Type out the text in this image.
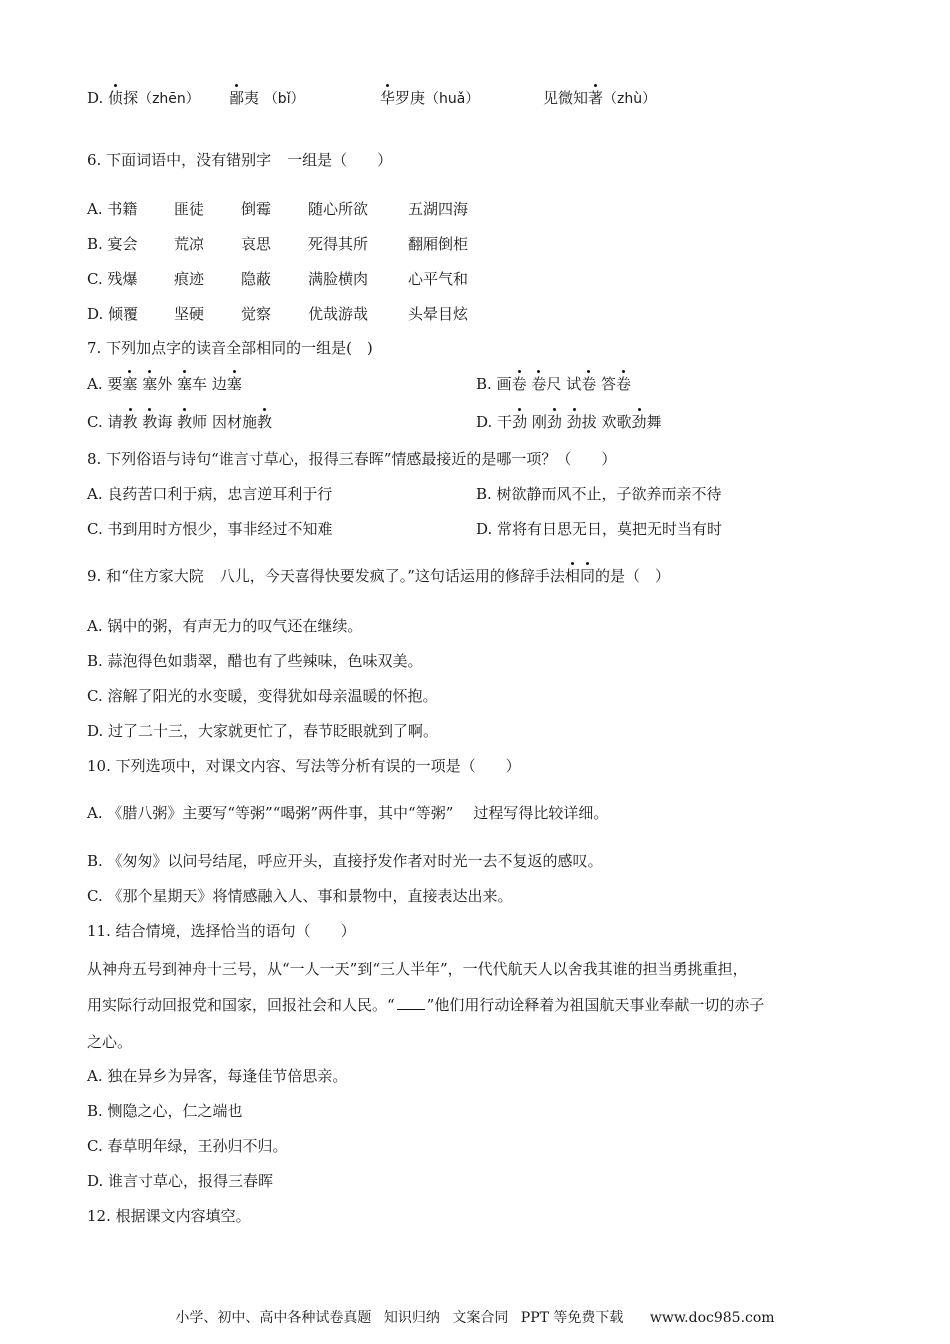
D. 侦探（zhēn） 鄙夷 （bǐ）	华罗庚（huǎ）	见微知著（zhù）
6. 下面词语中，没有错别字 一组是（　　）
A. 书籍 匪徒 倒霉 随心所欲	五湖四海
B. 宴会 荒凉 哀思 死得其所	翻厢倒柜
C. 残爆 痕迹 隐蔽 满脸横肉	心平气和
D. 倾覆 坚硬 觉察 优哉游哉	头晕目炫
7. 下列加点字的读音全部相同的一组是(　)
A. 要塞 塞外 塞车 边塞	B. 画卷 卷尺 试卷 答卷
C. 请教 教诲 教师 因材施教	D. 干劲 刚劲 劲拔 欢歌劲舞
8. 下列俗语与诗句“谁言寸草心，报得三春晖”情感最接近的是哪一项？（　　）
A. 良药苦口利于病，忠言逆耳利于行	B. 树欲静而风不止，子欲养而亲不待
C. 书到用时方恨少，事非经过不知难	D. 常将有日思无日，莫把无时当有时
9. 和“住方家大院 八儿，今天喜得快要发疯了。”这句话运用的修辞手法相同的是（　）
A. 锅中的粥，有声无力的叹气还在继续。
B. 蒜泡得色如翡翠，醋也有了些辣味，色味双美。
C. 溶解了阳光的水变暖，变得犹如母亲温暖的怀抱。
D. 过了二十三，大家就更忙了，春节眨眼就到了啊。
10. 下列选项中，对课文内容、写法等分析有误的一项是（　　）
A. 《腊八粥》主要写“等粥”“喝粥”两件事，其中“等粥” 过程写得比较详细。
B. 《匆匆》以问号结尾，呼应开头，直接抒发作者对时光一去不复返的感叹。
C. 《那个星期天》将情感融入人、事和景物中，直接表达出来。
11. 结合情境，选择恰当的语句（　　）
从神舟五号到神舟十三号，从“一人一天”到“三人半年”，一代代航天人以舍我其谁的担当勇挑重担，
用实际行动回报党和国家，回报社会和人民。“ ”他们用行动诠释着为祖国航天事业奉献一切的赤子
之心。
A. 独在异乡为异客，每逢佳节倍思亲。
B. 恻隐之心，仁之端也
C. 春草明年绿，王孙归不归。
D. 谁言寸草心，报得三春晖
12. 根据课文内容填空。
小学、初中、高中各种试卷真题 知识归纳 文案合同 PPT 等免费下载 www.doc985.com
